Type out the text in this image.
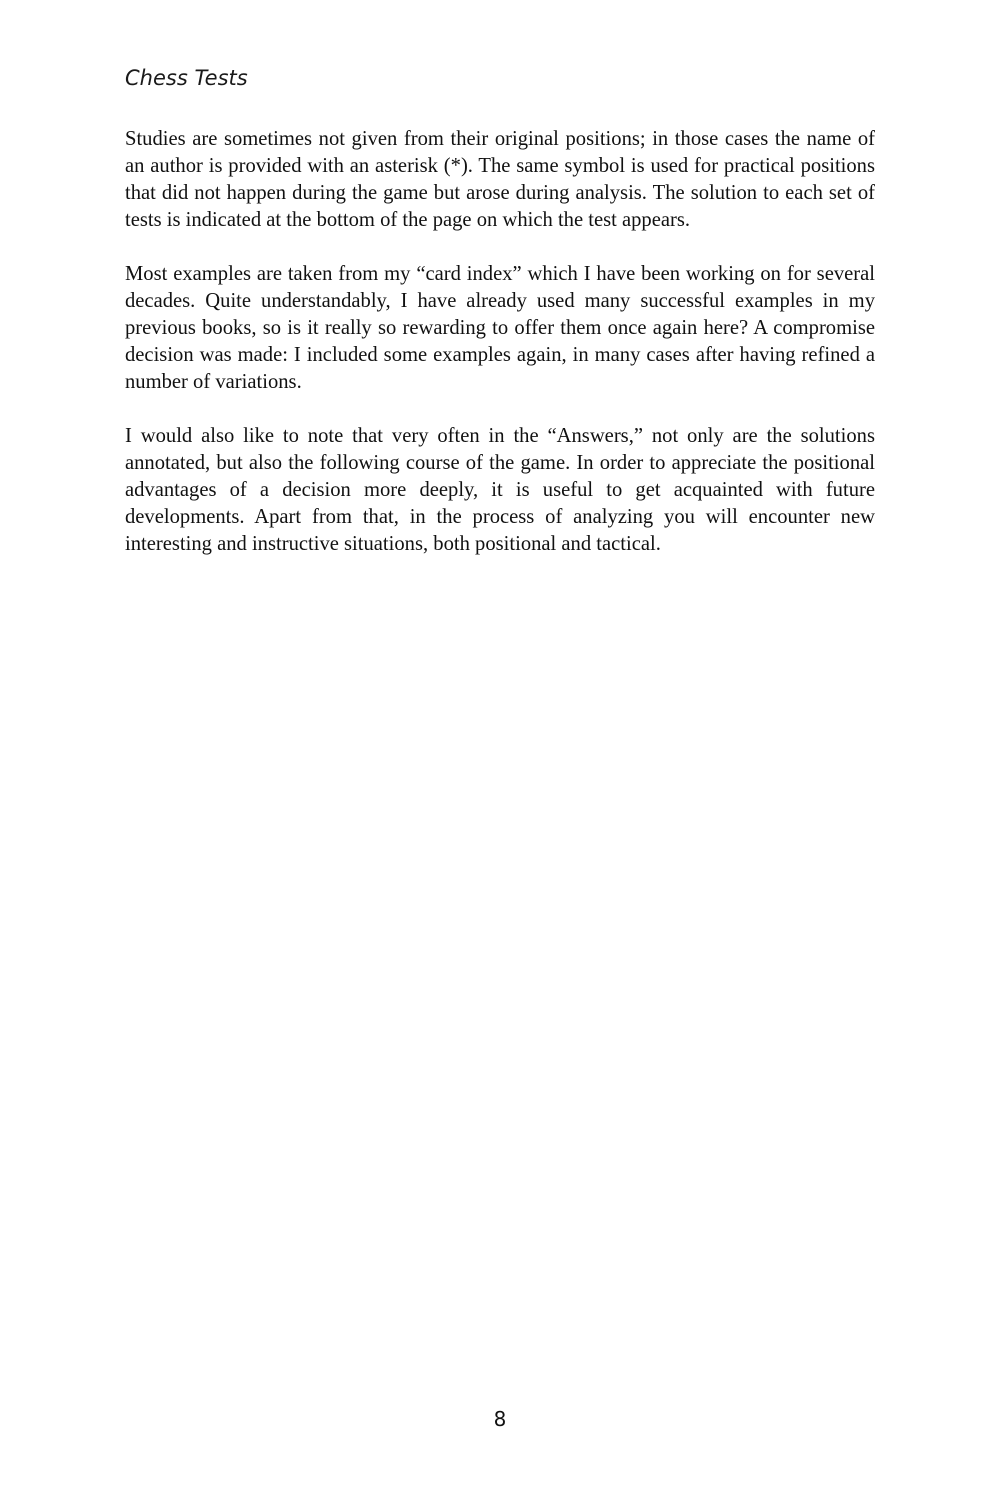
Chess Tests

Studies are sometimes not given from their original positions; in those cases the name of an author is provided with an asterisk (*). The same symbol is used for practical positions that did not happen during the game but arose during analysis. The solution to each set of tests is indicated at the bottom of the page on which the test appears.

Most examples are taken from my “card index” which I have been working on for several decades. Quite understandably, I have already used many successful examples in my previous books, so is it really so rewarding to offer them once again here? A compromise decision was made: I included some examples again, in many cases after having refined a number of variations.

I would also like to note that very often in the “Answers,” not only are the solutions annotated, but also the following course of the game. In order to appreciate the positional advantages of a decision more deeply, it is useful to get acquainted with future developments. Apart from that, in the process of analyzing you will encounter new interesting and instructive situations, both positional and tactical.

8
